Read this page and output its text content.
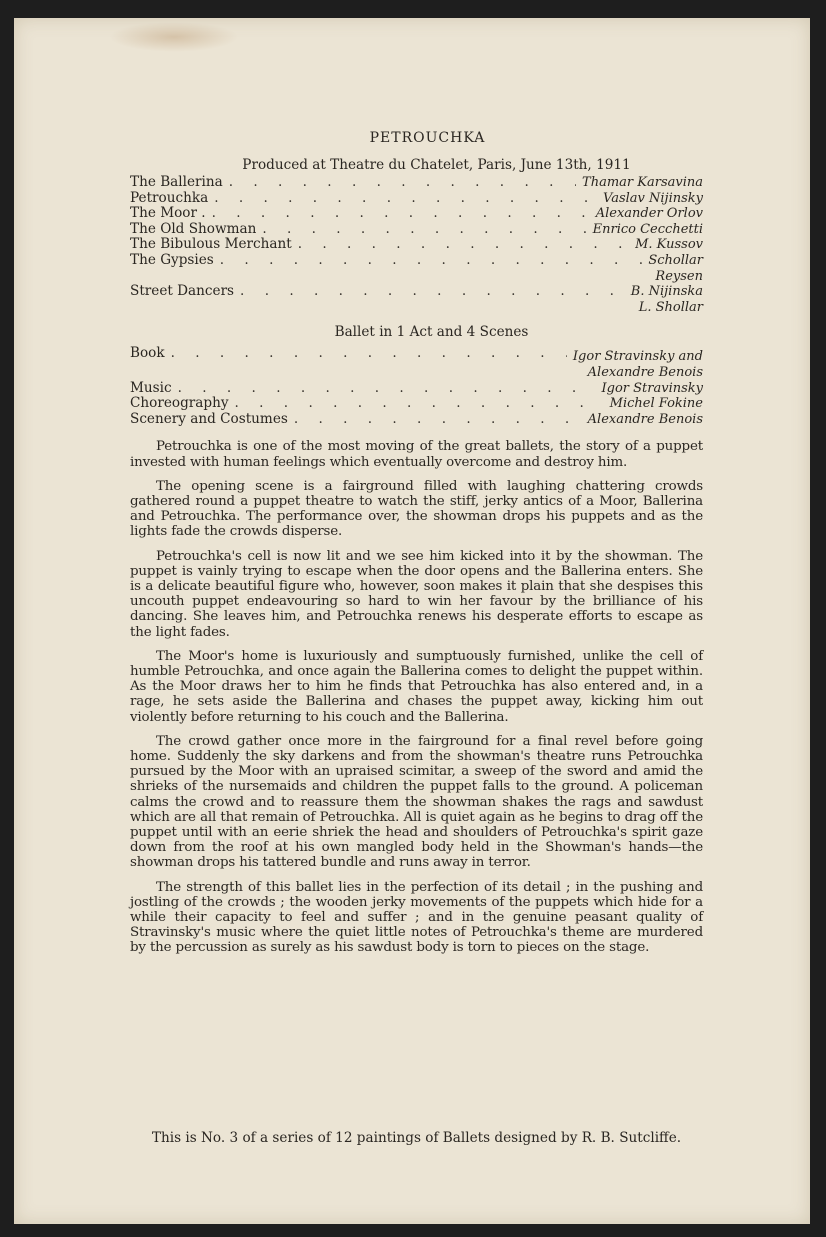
PETROUCHKA
Produced at Theatre du Chatelet, Paris, June 13th, 1911
The Ballerina . . .	Thamar Karsavina
Petrouchka . . .	Vaslav Nijinsky
The Moor . . . .	Alexander Orlov
The Old Showman . . .	Enrico Cecchetti
The Bibulous Merchant . . .	M. Kussov
The Gypsies . . .	Schollar
Reysen
Street Dancers . . .	B. Nijinska
L. Shollar
Ballet in 1 Act and 4 Scenes
Book . . .	Igor Stravinsky and
Alexandre Benois
Music . . .	Igor Stravinsky
Choreography . . .	Michel Fokine
Scenery and Costumes . . .	Alexandre Benois

Petrouchka is one of the most moving of the great ballets, the story of a puppet invested with human feelings which eventually overcome and destroy him.

The opening scene is a fairground filled with laughing chattering crowds gathered round a puppet theatre to watch the stiff, jerky antics of a Moor, Ballerina and Petrouchka. The performance over, the showman drops his puppets and as the lights fade the crowds disperse.

Petrouchka's cell is now lit and we see him kicked into it by the showman. The puppet is vainly trying to escape when the door opens and the Ballerina enters. She is a delicate beautiful figure who, however, soon makes it plain that she despises this uncouth puppet endeavouring so hard to win her favour by the brilliance of his dancing. She leaves him, and Petrouchka renews his desperate efforts to escape as the light fades.

The Moor's home is luxuriously and sumptuously furnished, unlike the cell of humble Petrouchka, and once again the Ballerina comes to delight the puppet within. As the Moor draws her to him he finds that Petrouchka has also entered and, in a rage, he sets aside the Ballerina and chases the puppet away, kicking him out violently before returning to his couch and the Ballerina.

The crowd gather once more in the fairground for a final revel before going home. Suddenly the sky darkens and from the showman's theatre runs Petrouchka pursued by the Moor with an upraised scimitar, a sweep of the sword and amid the shrieks of the nursemaids and children the puppet falls to the ground. A policeman calms the crowd and to reassure them the showman shakes the rags and sawdust which are all that remain of Petrouchka. All is quiet again as he begins to drag off the puppet until with an eerie shriek the head and shoulders of Petrouchka's spirit gaze down from the roof at his own mangled body held in the Showman's hands—the showman drops his tattered bundle and runs away in terror.

The strength of this ballet lies in the perfection of its detail ; in the pushing and jostling of the crowds ; the wooden jerky movements of the puppets which hide for a while their capacity to feel and suffer ; and in the genuine peasant quality of Stravinsky's music where the quiet little notes of Petrouchka's theme are murdered by the percussion as surely as his sawdust body is torn to pieces on the stage.

This is No. 3 of a series of 12 paintings of Ballets designed by R. B. Sutcliffe.
